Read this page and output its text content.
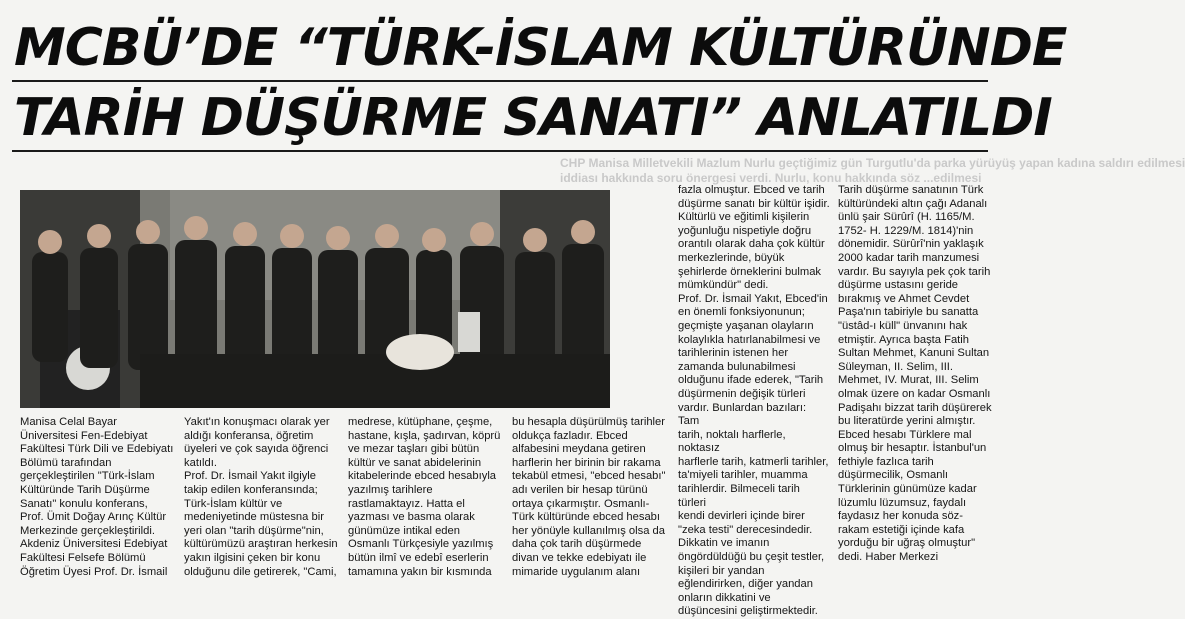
CHP Manisa Milletvekili Mazlum Nurlu geçtiğimiz gün Turgutlu'da parka yürüyüş yapan kadına saldırı edilmesi
iddiası hakkında soru önergesi verdi. Nurlu, konu hakkında söz ...edilmesi
MCBÜ’DE “TÜRK-İSLAM KÜLTÜRÜNDE
TARİH DÜŞÜRME SANATI” ANLATILDI

Manisa Celal Bayar
Üniversitesi Fen-Edebiyat
Fakültesi Türk Dili ve Edebiyatı
Bölümü tarafından
gerçekleştirilen "Türk-İslam
Kültüründe Tarih Düşürme
Sanatı" konulu konferans,
Prof. Ümit Doğay Arınç Kültür
Merkezinde gerçekleştirildi.
Akdeniz Üniversitesi Edebiyat
Fakültesi Felsefe Bölümü
Öğretim Üyesi Prof. Dr. İsmail

Yakıt'ın konuşmacı olarak yer
aldığı konferansa, öğretim
üyeleri ve çok sayıda öğrenci
katıldı.
Prof. Dr. İsmail Yakıt ilgiyle
takip edilen konferansında;
Türk-İslam kültür ve
medeniyetinde müstesna bir
yeri olan "tarih düşürme"nin,
kültürümüzü araştıran herkesin
yakın ilgisini çeken bir konu
olduğunu dile getirerek, "Cami,

medrese, kütüphane, çeşme,
hastane, kışla, şadırvan, köprü
ve mezar taşları gibi bütün
kültür ve sanat abidelerinin
kitabelerinde ebced hesabıyla
yazılmış tarihlere
rastlamaktayız. Hatta el
yazması ve basma olarak
günümüze intikal eden
Osmanlı Türkçesiyle yazılmış
bütün ilmî ve edebî eserlerin
tamamına yakın bir kısmında

bu hesapla düşürülmüş tarihler
oldukça fazladır. Ebced
alfabesini meydana getiren
harflerin her birinin bir rakama
tekabül etmesi, "ebced hesabı"
adı verilen bir hesap türünü
ortaya çıkarmıştır. Osmanlı-
Türk kültüründe ebced hesabı
her yönüyle kullanılmış olsa da
daha çok tarih düşürmede
divan ve tekke edebiyatı ile
mimaride uygulanım alanı

fazla olmuştur. Ebced ve tarih
düşürme sanatı bir kültür işidir.
Kültürlü ve eğitimli kişilerin
yoğunluğu nispetiyle doğru
orantılı olarak daha çok kültür
merkezlerinde, büyük
şehirlerde örneklerini bulmak
mümkündür" dedi.
Prof. Dr. İsmail Yakıt, Ebced'in
en önemli fonksiyonunun;
geçmişte yaşanan olayların
kolaylıkla hatırlanabilmesi ve
tarihlerinin istenen her
zamanda bulunabilmesi
olduğunu ifade ederek, "Tarih
düşürmenin değişik türleri
vardır. Bunlardan bazıları: Tam
tarih, noktalı harflerle, noktasız
harflerle tarih, katmerli tarihler,
ta'miyeli tarihler, muamma
tarihlerdir. Bilmeceli tarih türleri
kendi devirleri içinde birer
"zeka testi" derecesindedir.
Dikkatin ve imanın
öngördüldüğü bu çeşit testler,
kişileri bir yandan
eğlendirirken, diğer yandan
onların dikkatini ve
düşüncesini geliştirmektedir.

Tarih düşürme sanatının Türk
kültüründeki altın çağı Adanalı
ünlü şair Sürûrî (H. 1165/M.
1752- H. 1229/M. 1814)'nin
dönemidir. Sürûrî'nin yaklaşık
2000 kadar tarih manzumesi
vardır. Bu sayıyla pek çok tarih
düşürme ustasını geride
bırakmış ve Ahmet Cevdet
Paşa'nın tabiriyle bu sanatta
"üstâd-ı küll" ünvanını hak
etmiştir. Ayrıca başta Fatih
Sultan Mehmet, Kanuni Sultan
Süleyman, II. Selim, III.
Mehmet, IV. Murat, III. Selim
olmak üzere on kadar Osmanlı
Padişahı bizzat tarih düşürerek
bu literatürde yerini almıştır.
Ebced hesabı Türklere mal
olmuş bir hesaptır. İstanbul'un
fethiyle fazlıca tarih
düşürmecilik, Osmanlı
Türklerinin günümüze kadar
lüzumlu lüzumsuz, faydalı
faydasız her konuda söz-
rakam estetiği içinde kafa
yorduğu bir uğraş olmuştur"
dedi. Haber Merkezi
